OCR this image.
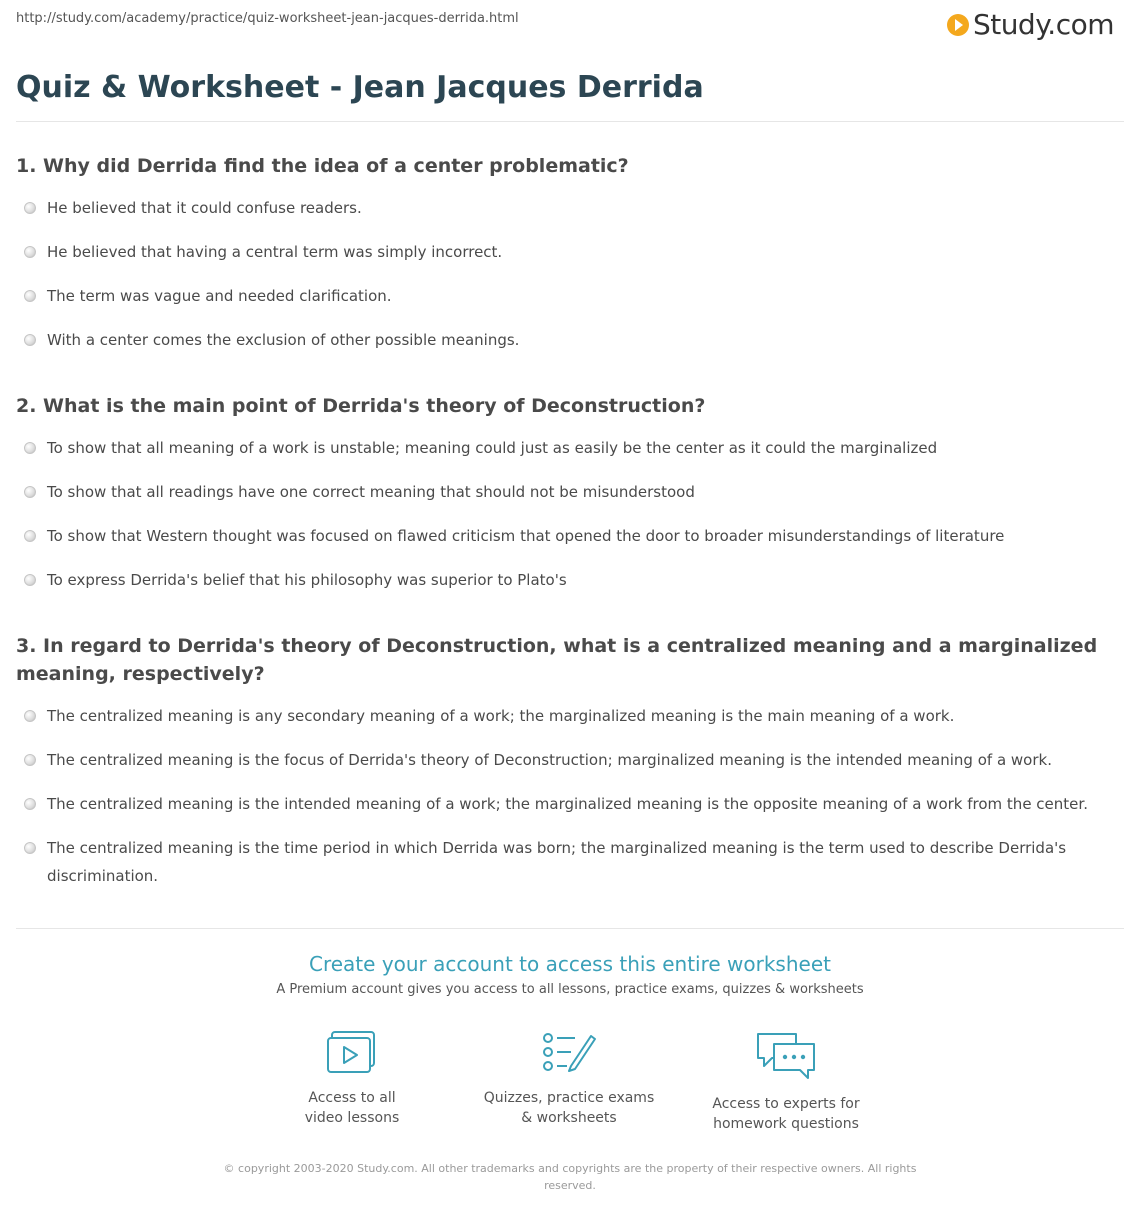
http://study.com/academy/practice/quiz-worksheet-jean-jacques-derrida.html	Study.com
Quiz & Worksheet - Jean Jacques Derrida

1. Why did Derrida find the idea of a center problematic?

He believed that it could confuse readers.
He believed that having a central term was simply incorrect.
The term was vague and needed clarification.
With a center comes the exclusion of other possible meanings.

2. What is the main point of Derrida's theory of Deconstruction?

To show that all meaning of a work is unstable; meaning could just as easily be the center as it could the marginalized
To show that all readings have one correct meaning that should not be misunderstood
To show that Western thought was focused on flawed criticism that opened the door to broader misunderstandings of literature
To express Derrida's belief that his philosophy was superior to Plato's

3. In regard to Derrida's theory of Deconstruction, what is a centralized meaning and a marginalized meaning, respectively?

The centralized meaning is any secondary meaning of a work; the marginalized meaning is the main meaning of a work.
The centralized meaning is the focus of Derrida's theory of Deconstruction; marginalized meaning is the intended meaning of a work.
The centralized meaning is the intended meaning of a work; the marginalized meaning is the opposite meaning of a work from the center.
The centralized meaning is the time period in which Derrida was born; the marginalized meaning is the term used to describe Derrida's discrimination.
Create your account to access this entire worksheet
A Premium account gives you access to all lessons, practice exams, quizzes & worksheets
Access to all
video lessons
Quizzes, practice exams
& worksheets
Access to experts for
homework questions
© copyright 2003-2020 Study.com. All other trademarks and copyrights are the property of their respective owners. All rights reserved.
